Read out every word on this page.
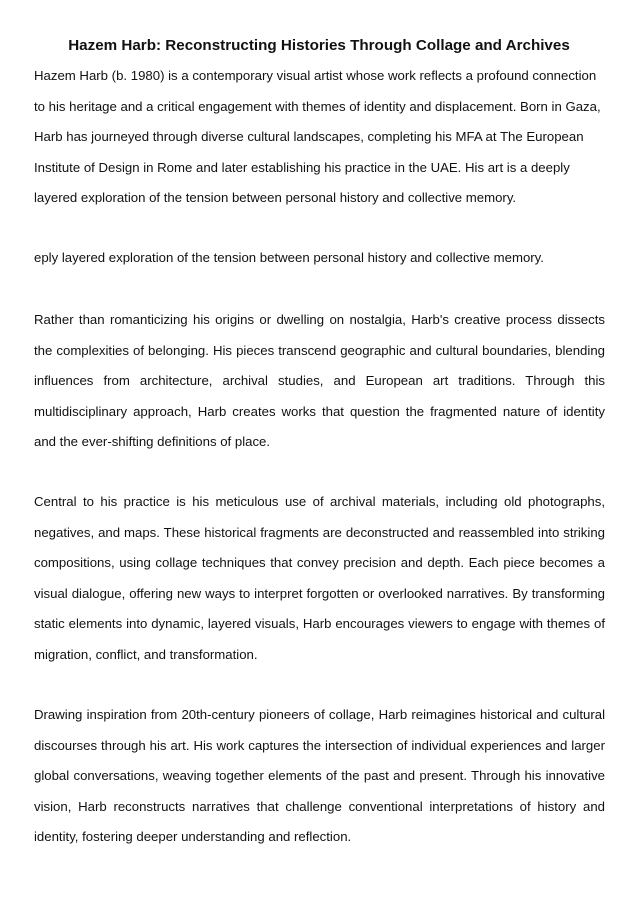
Hazem Harb: Reconstructing Histories Through Collage and Archives

Hazem Harb (b. 1980) is a contemporary visual artist whose work reflects a profound connection to his heritage and a critical engagement with themes of identity and displacement. Born in Gaza, Harb has journeyed through diverse cultural landscapes, completing his MFA at The European Institute of Design in Rome and later establishing his practice in the UAE. His art is a deeply layered exploration of the tension between personal history and collective memory.

eply layered exploration of the tension between personal history and collective memory.

Rather than romanticizing his origins or dwelling on nostalgia, Harb's creative process dissects the complexities of belonging. His pieces transcend geographic and cultural boundaries, blending influences from architecture, archival studies, and European art traditions. Through this multidisciplinary approach, Harb creates works that question the fragmented nature of identity and the ever-shifting definitions of place.

Central to his practice is his meticulous use of archival materials, including old photographs, negatives, and maps. These historical fragments are deconstructed and reassembled into striking compositions, using collage techniques that convey precision and depth. Each piece becomes a visual dialogue, offering new ways to interpret forgotten or overlooked narratives. By transforming static elements into dynamic, layered visuals, Harb encourages viewers to engage with themes of migration, conflict, and transformation.

Drawing inspiration from 20th-century pioneers of collage, Harb reimagines historical and cultural discourses through his art. His work captures the intersection of individual experiences and larger global conversations, weaving together elements of the past and present. Through his innovative vision, Harb reconstructs narratives that challenge conventional interpretations of history and identity, fostering deeper understanding and reflection.
